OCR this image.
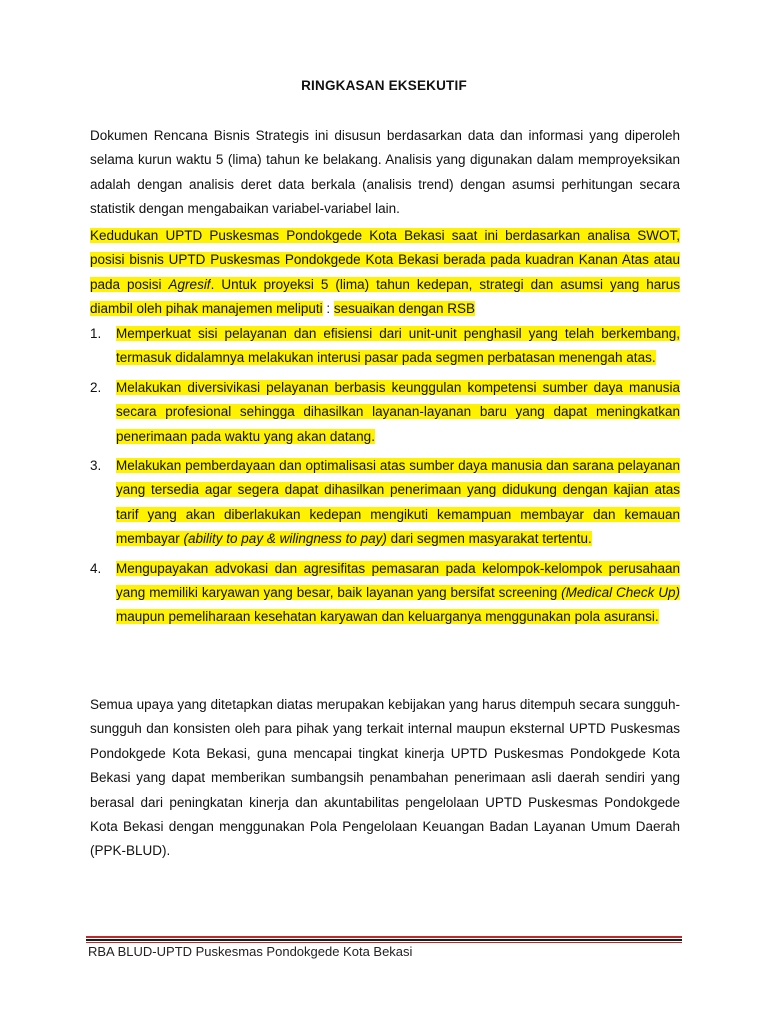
RINGKASAN EKSEKUTIF

Dokumen Rencana Bisnis Strategis ini disusun berdasarkan data dan informasi yang diperoleh selama kurun waktu 5 (lima) tahun ke belakang. Analisis yang digunakan dalam memproyeksikan adalah dengan analisis deret data berkala (analisis trend) dengan asumsi perhitungan secara statistik dengan mengabaikan variabel-variabel lain.

Kedudukan UPTD Puskesmas Pondokgede Kota Bekasi saat ini berdasarkan analisa SWOT, posisi bisnis UPTD Puskesmas Pondokgede Kota Bekasi berada pada kuadran Kanan Atas atau pada posisi Agresif. Untuk proyeksi 5 (lima) tahun kedepan, strategi dan asumsi yang harus diambil oleh pihak manajemen meliputi : sesuaikan dengan RSB

1. Memperkuat sisi pelayanan dan efisiensi dari unit-unit penghasil yang telah berkembang, termasuk didalamnya melakukan interusi pasar pada segmen perbatasan menengah atas.
2. Melakukan diversivikasi pelayanan berbasis keunggulan kompetensi sumber daya manusia secara profesional sehingga dihasilkan layanan-layanan baru yang dapat meningkatkan penerimaan pada waktu yang akan datang.
3. Melakukan pemberdayaan dan optimalisasi atas sumber daya manusia dan sarana pelayanan yang tersedia agar segera dapat dihasilkan penerimaan yang didukung dengan kajian atas tarif yang akan diberlakukan kedepan mengikuti kemampuan membayar dan kemauan membayar (ability to pay & wilingness to pay) dari segmen masyarakat tertentu.
4. Mengupayakan advokasi dan agresifitas pemasaran pada kelompok-kelompok perusahaan yang memiliki karyawan yang besar, baik layanan yang bersifat screening (Medical Check Up) maupun pemeliharaan kesehatan karyawan dan keluarganya menggunakan pola asuransi.

Semua upaya yang ditetapkan diatas merupakan kebijakan yang harus ditempuh secara sungguh-sungguh dan konsisten oleh para pihak yang terkait internal maupun eksternal UPTD Puskesmas Pondokgede Kota Bekasi, guna mencapai tingkat kinerja UPTD Puskesmas Pondokgede Kota Bekasi yang dapat memberikan sumbangsih penambahan penerimaan asli daerah sendiri yang berasal dari peningkatan kinerja dan akuntabilitas pengelolaan UPTD Puskesmas Pondokgede Kota Bekasi dengan menggunakan Pola Pengelolaan Keuangan Badan Layanan Umum Daerah (PPK-BLUD).

RBA BLUD-UPTD Puskesmas Pondokgede Kota Bekasi
